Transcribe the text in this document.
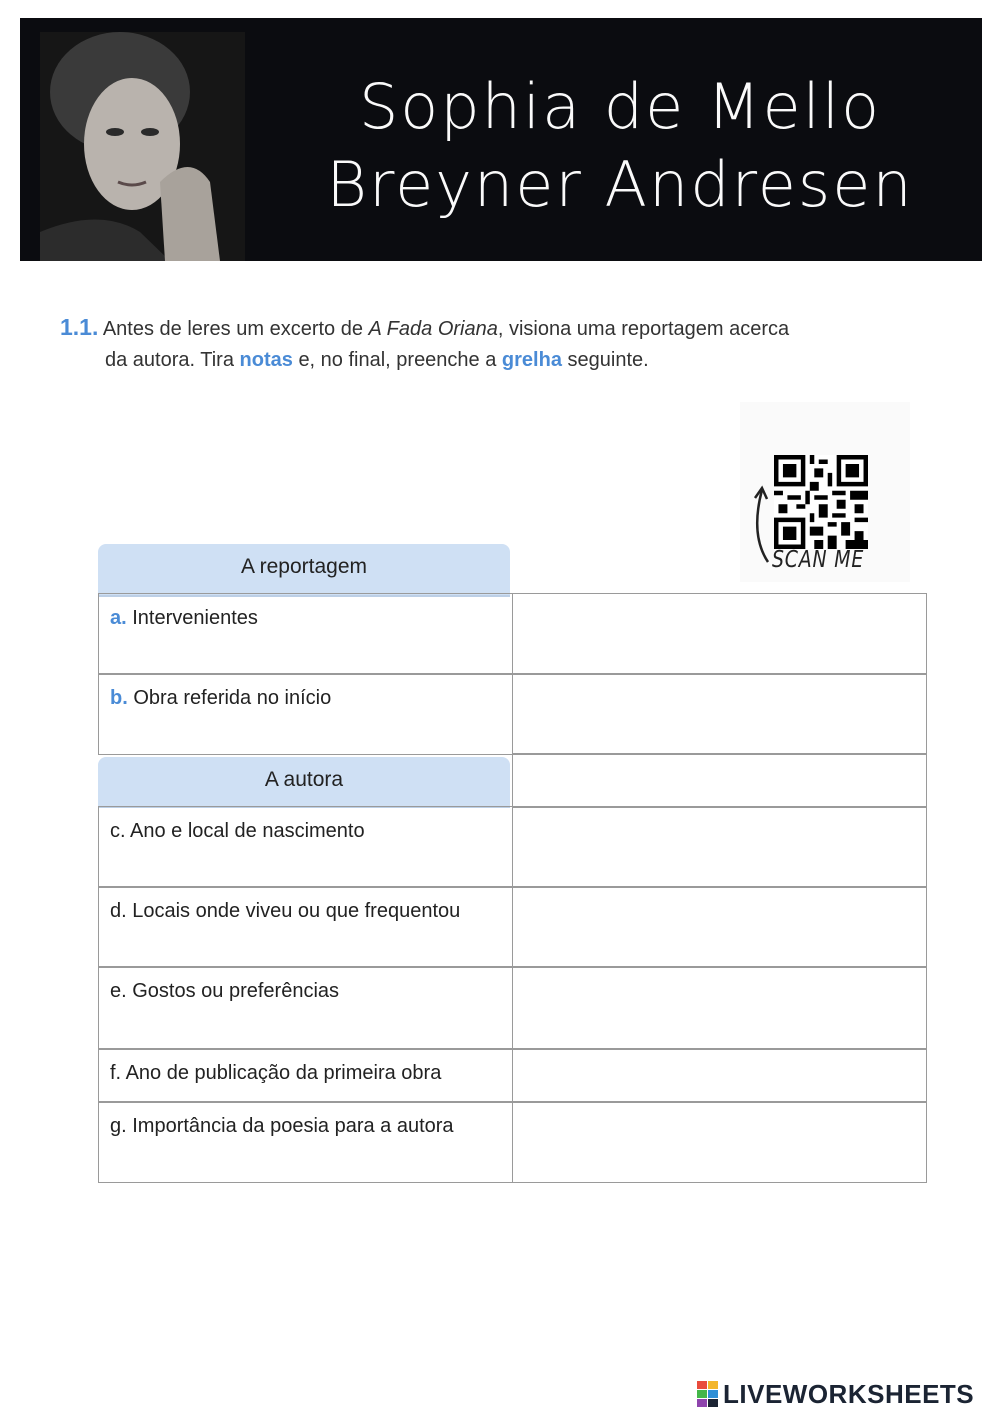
Sophia de Mello
Breyner Andresen
1.1. Antes de leres um excerto de A Fada Oriana, visiona uma reportagem acerca
da autora. Tira notas e, no final, preenche a grelha seguinte.
SCAN ME
A reportagem
a. Intervenientes
b. Obra referida no início
A autora
c. Ano e local de nascimento
d. Locais onde viveu ou que frequentou
e. Gostos ou preferências
f. Ano de publicação da primeira obra
g. Importância da poesia para a autora
LIVEWORKSHEETS
